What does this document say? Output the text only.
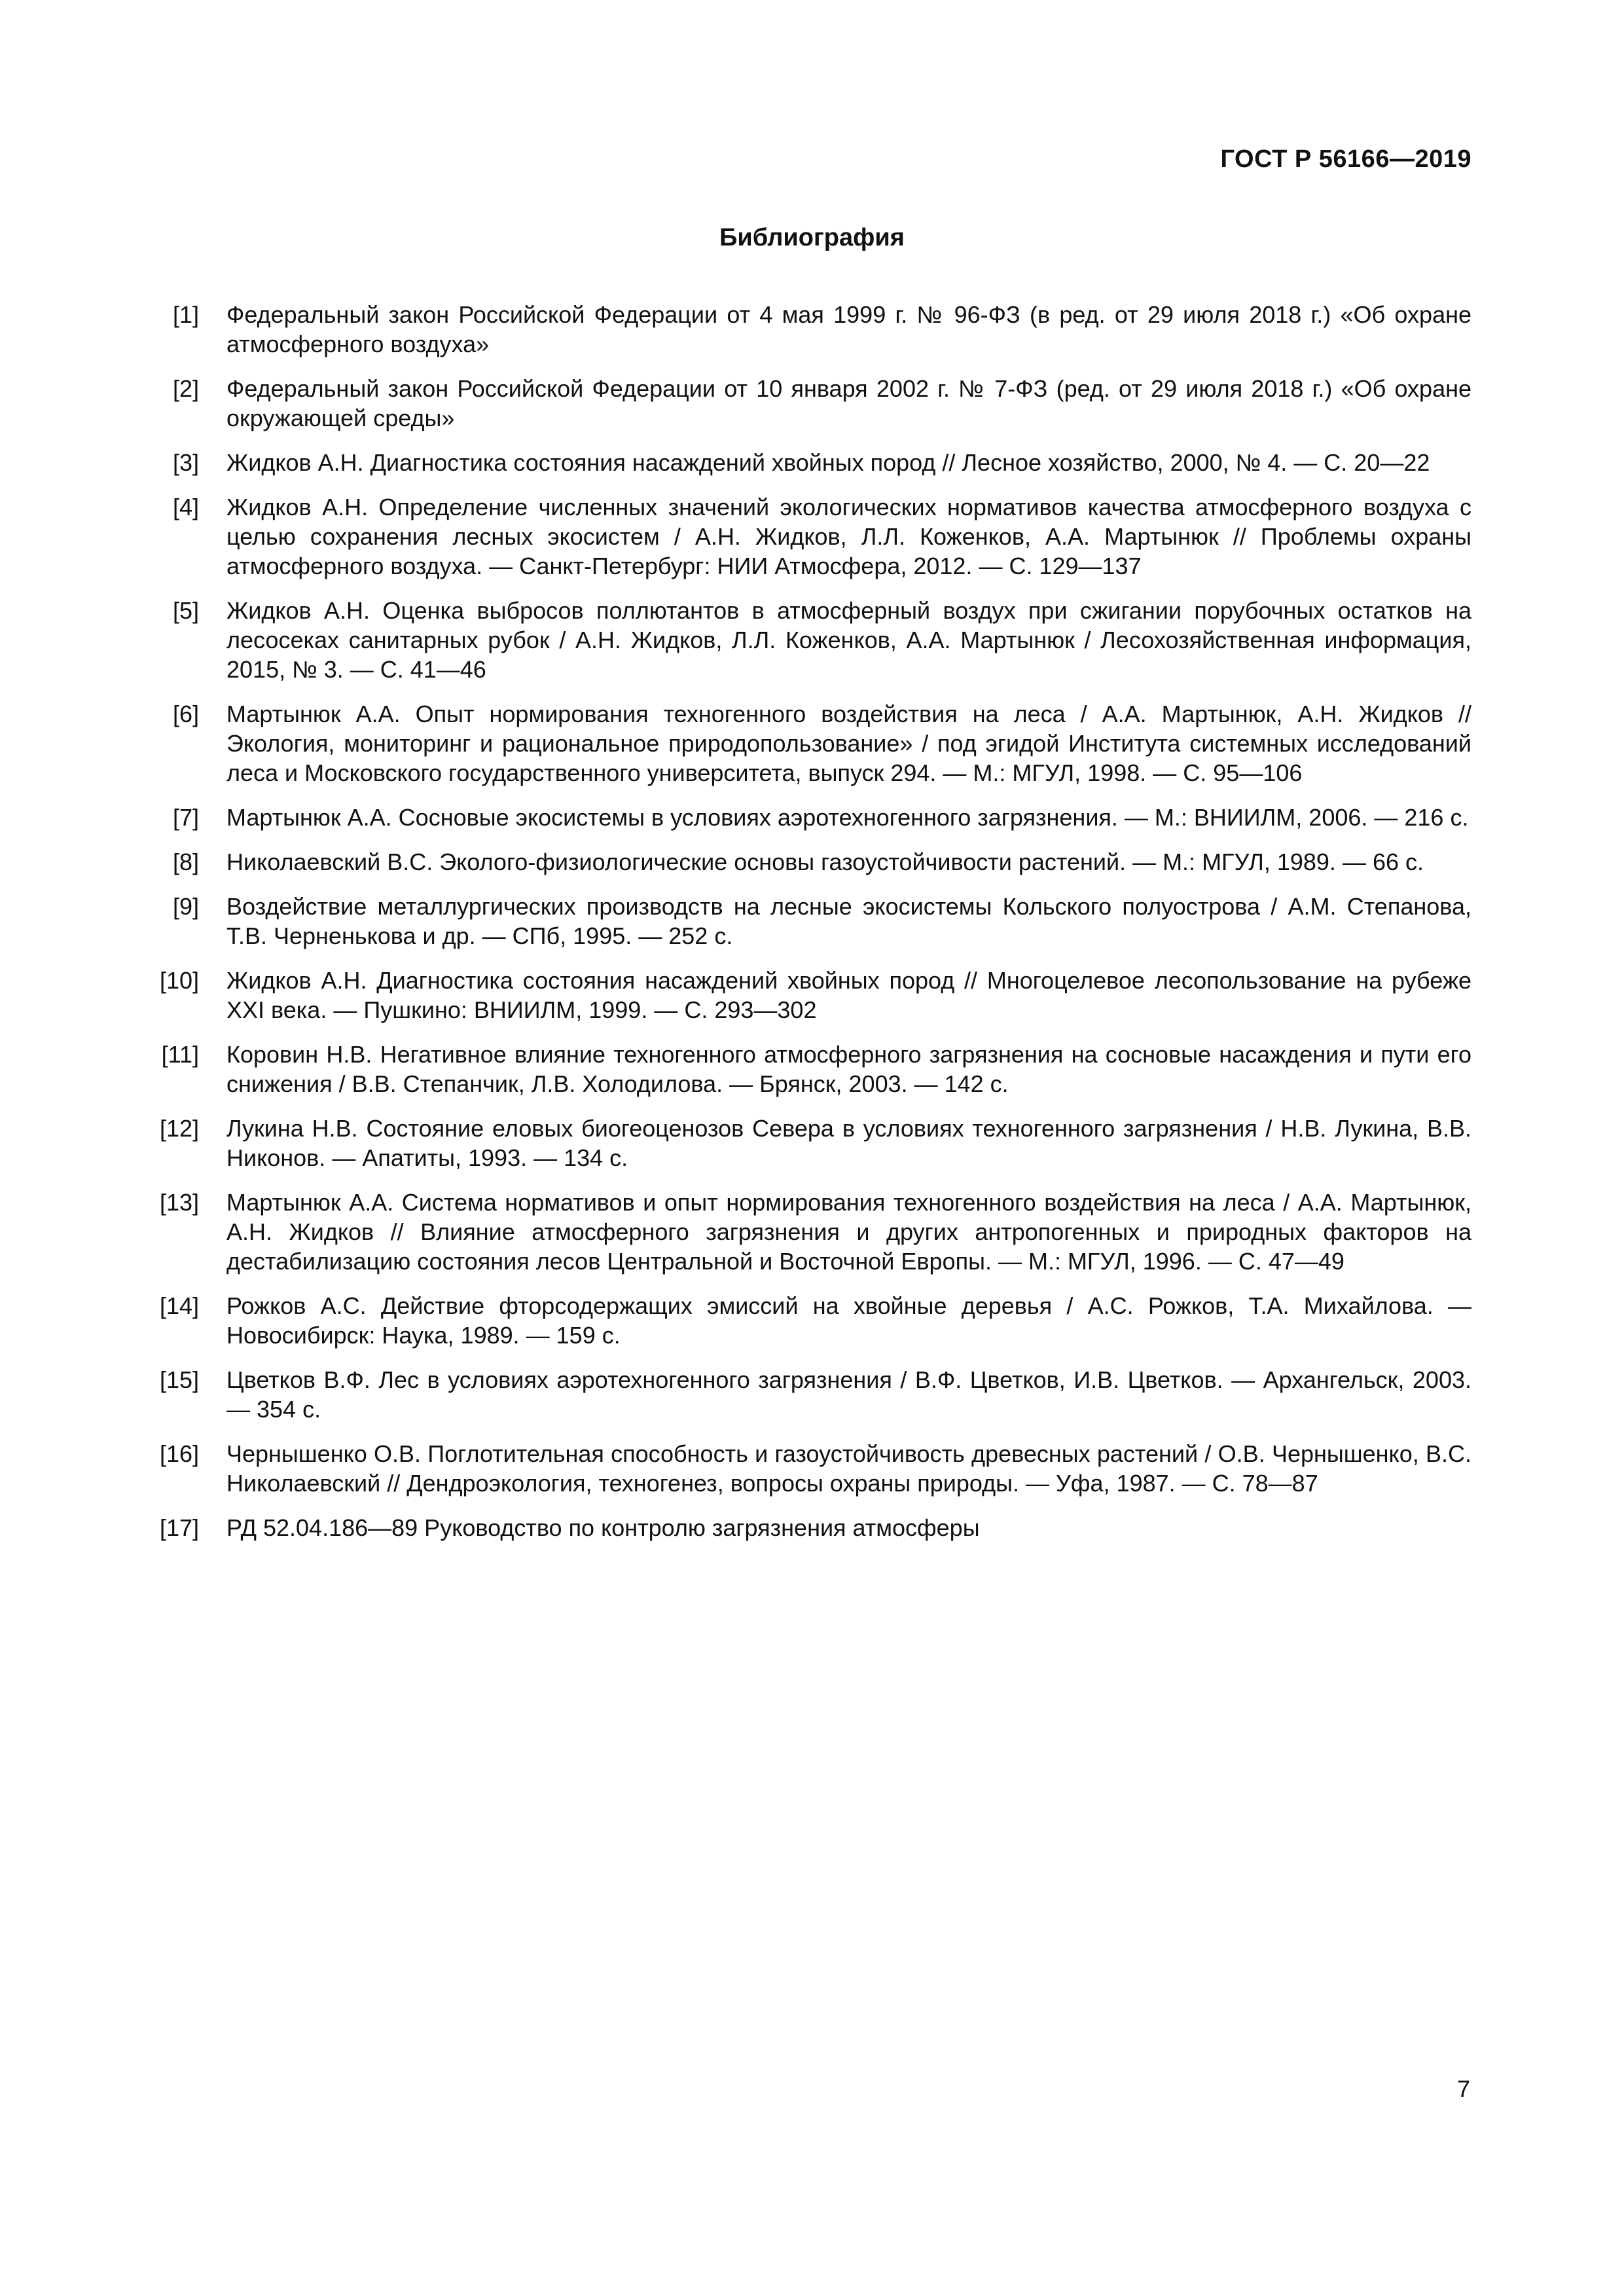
ГОСТ Р 56166—2019
Библиография
[1] Федеральный закон Российской Федерации от 4 мая 1999 г. № 96-ФЗ (в ред. от 29 июля 2018 г.) «Об охране атмосферного воздуха»
[2] Федеральный закон Российской Федерации от 10 января 2002 г. № 7-ФЗ (ред. от 29 июля 2018 г.) «Об охране окружающей среды»
[3] Жидков А.Н. Диагностика состояния насаждений хвойных пород // Лесное хозяйство, 2000, № 4. — С. 20—22
[4] Жидков А.Н. Определение численных значений экологических нормативов качества атмосферного воздуха с целью сохранения лесных экосистем / А.Н. Жидков, Л.Л. Коженков, А.А. Мартынюк // Проблемы охраны атмосферного воздуха. — Санкт-Петербург: НИИ Атмосфера, 2012. — С. 129—137
[5] Жидков А.Н. Оценка выбросов поллютантов в атмосферный воздух при сжигании порубочных остатков на лесосеках санитарных рубок / А.Н. Жидков, Л.Л. Коженков, А.А. Мартынюк / Лесохозяйственная информация, 2015, № 3. — С. 41—46
[6] Мартынюк А.А. Опыт нормирования техногенного воздействия на леса / А.А. Мартынюк, А.Н. Жидков // Экология, мониторинг и рациональное природопользование» / под эгидой Института системных исследований леса и Московского государственного университета, выпуск 294. — М.: МГУЛ, 1998. — С. 95—106
[7] Мартынюк А.А. Сосновые экосистемы в условиях аэротехногенного загрязнения. — М.: ВНИИЛМ, 2006. — 216 с.
[8] Николаевский В.С. Эколого-физиологические основы газоустойчивости растений. — М.: МГУЛ, 1989. — 66 с.
[9] Воздействие металлургических производств на лесные экосистемы Кольского полуострова / А.М. Степанова, Т.В. Черненькова и др. — СПб, 1995. — 252 с.
[10] Жидков А.Н. Диагностика состояния насаждений хвойных пород // Многоцелевое лесопользование на рубеже XXI века. — Пушкино: ВНИИЛМ, 1999. — С. 293—302
[11] Коровин Н.В. Негативное влияние техногенного атмосферного загрязнения на сосновые насаждения и пути его снижения / В.В. Степанчик, Л.В. Холодилова. — Брянск, 2003. — 142 с.
[12] Лукина Н.В. Состояние еловых биогеоценозов Севера в условиях техногенного загрязнения / Н.В. Лукина, В.В. Никонов. — Апатиты, 1993. — 134 с.
[13] Мартынюк А.А. Система нормативов и опыт нормирования техногенного воздействия на леса / А.А. Мартынюк, А.Н. Жидков // Влияние атмосферного загрязнения и других антропогенных и природных факторов на дестабилизацию состояния лесов Центральной и Восточной Европы. — М.: МГУЛ, 1996. — С. 47—49
[14] Рожков А.С. Действие фторсодержащих эмиссий на хвойные деревья / А.С. Рожков, Т.А. Михайлова. — Новосибирск: Наука, 1989. — 159 с.
[15] Цветков В.Ф. Лес в условиях аэротехногенного загрязнения / В.Ф. Цветков, И.В. Цветков. — Архангельск, 2003. — 354 с.
[16] Чернышенко О.В. Поглотительная способность и газоустойчивость древесных растений / О.В. Чернышенко, В.С. Николаевский // Дендроэкология, техногенез, вопросы охраны природы. — Уфа, 1987. — С. 78—87
[17] РД 52.04.186—89 Руководство по контролю загрязнения атмосферы
7
